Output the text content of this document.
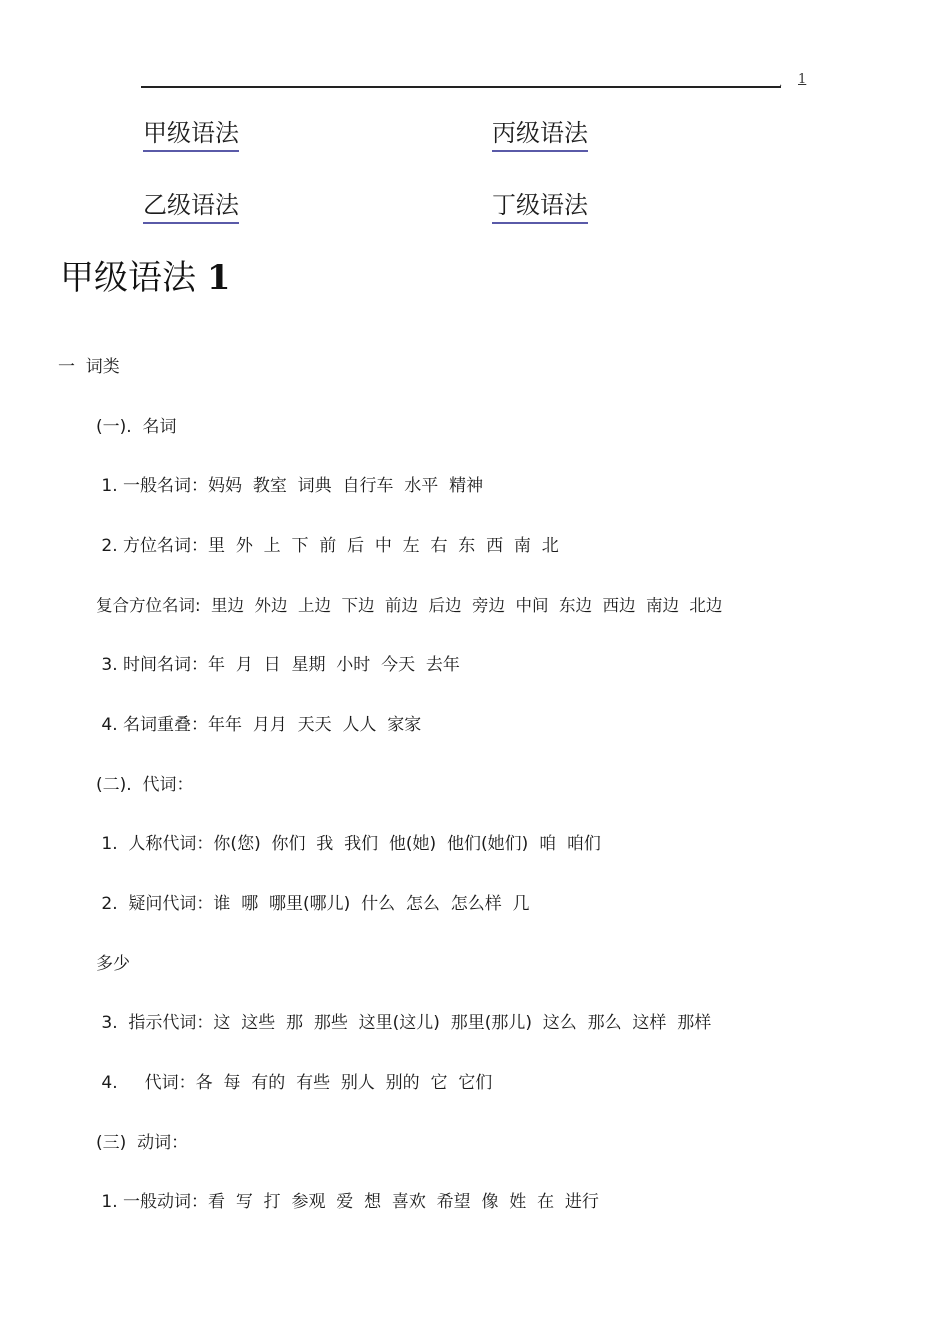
. 1
甲级语法	丙级语法
乙级语法	丁级语法
甲级语法 1
一  词类
(一).  名词
1. 一般名词：妈妈  教室  词典  自行车  水平  精神
2. 方位名词：里  外  上  下  前  后  中  左  右  东  西  南  北
复合方位名词:  里边  外边  上边  下边  前边  后边  旁边  中间  东边  西边  南边  北边
3. 时间名词：年  月  日  星期  小时  今天  去年
4. 名词重叠：年年  月月  天天  人人  家家
(二).  代词：
1.  人称代词：你(您)  你们  我  我们  他(她)  他们(她们)  咱  咱们
2.  疑问代词：谁  哪  哪里(哪儿)  什么  怎么  怎么样  几
多少
3.  指示代词：这  这些  那  那些  这里(这儿)  那里(那儿)  这么  那么  这样  那样
4.     代词：各  每  有的  有些  别人  别的  它  它们
(三)  动词：
1. 一般动词：看  写  打  参观  爱  想  喜欢  希望  像  姓  在  进行
